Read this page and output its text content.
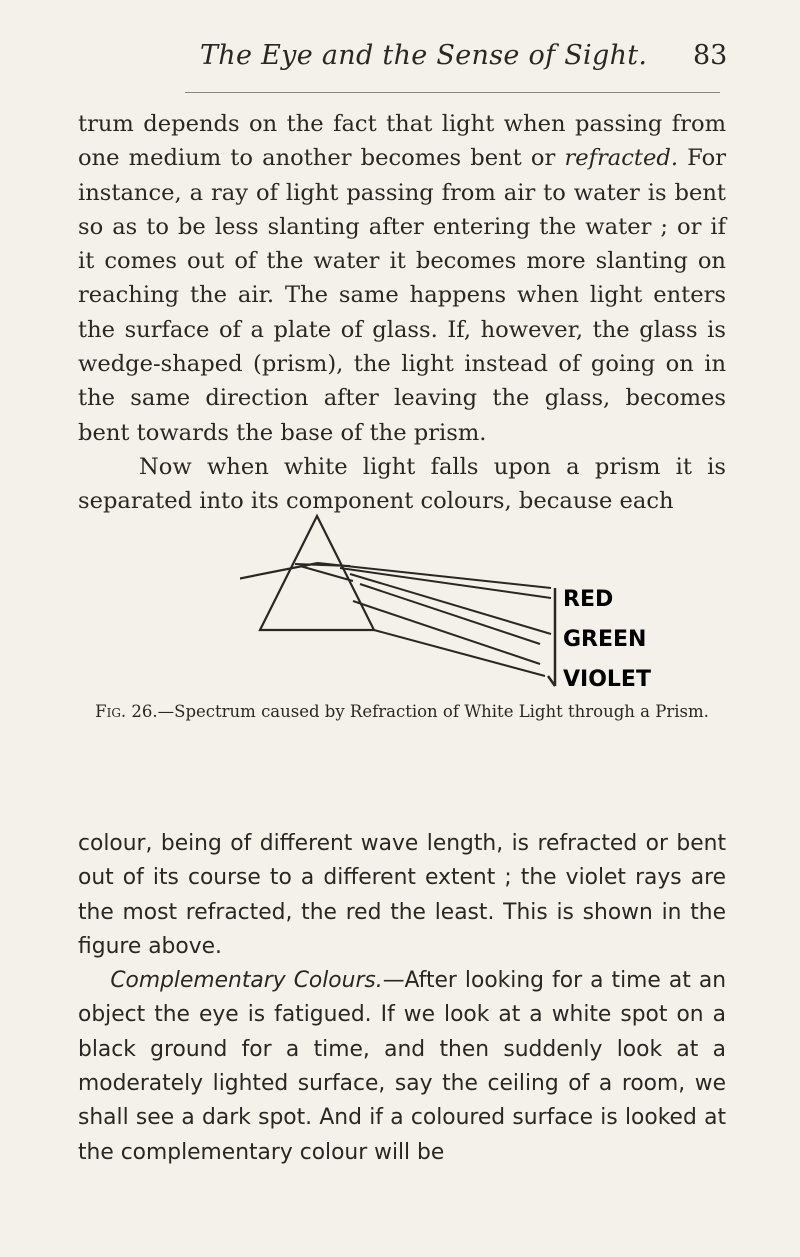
The Eye and the Sense of Sight. 83

trum depends on the fact that light when passing from one medium to another becomes bent or refracted. For instance, a ray of light passing from air to water is bent so as to be less slanting after entering the water ; or if it comes out of the water it becomes more slanting on reaching the air. The same happens when light enters the surface of a plate of glass. If, however, the glass is wedge-shaped (prism), the light instead of going on in the same direction after leaving the glass, becomes bent towards the base of the prism.
Now when white light falls upon a prism it is separated into its component colours, because each

RED
GREEN
VIOLET
Fig. 26.—Spectrum caused by Refraction of White Light through a Prism.

colour, being of different wave length, is refracted or bent out of its course to a different extent ; the violet rays are the most refracted, the red the least. This is shown in the figure above.
Complementary Colours.—After looking for a time at an object the eye is fatigued. If we look at a white spot on a black ground for a time, and then suddenly look at a moderately lighted surface, say the ceiling of a room, we shall see a dark spot. And if a coloured surface is looked at the complementary colour will be
